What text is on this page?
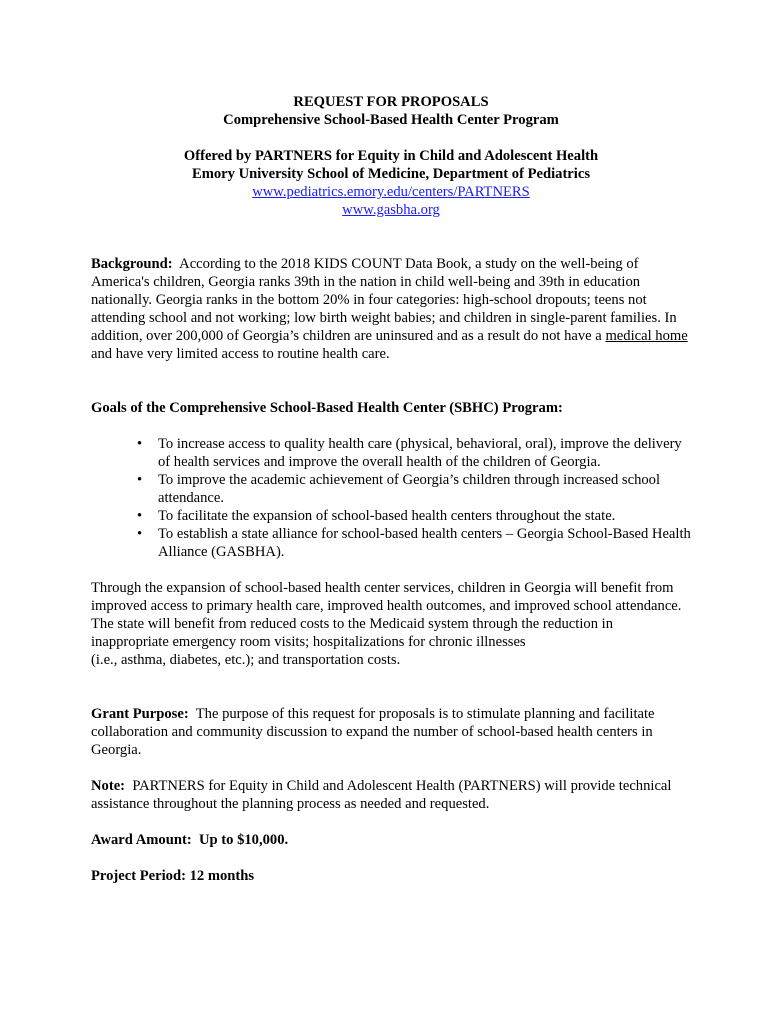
REQUEST FOR PROPOSALS

Comprehensive School-Based Health Center Program

Offered by PARTNERS for Equity in Child and Adolescent Health

Emory University School of Medicine, Department of Pediatrics

www.pediatrics.emory.edu/centers/PARTNERS

www.gasbha.org

Background: According to the 2018 KIDS COUNT Data Book, a study on the well-being of America's children, Georgia ranks 39th in the nation in child well-being and 39th in education nationally. Georgia ranks in the bottom 20% in four categories: high-school dropouts; teens not attending school and not working; low birth weight babies; and children in single-parent families. In addition, over 200,000 of Georgia’s children are uninsured and as a result do not have a medical home and have very limited access to routine health care.

Goals of the Comprehensive School-Based Health Center (SBHC) Program:

• To increase access to quality health care (physical, behavioral, oral), improve the delivery of health services and improve the overall health of the children of Georgia.
• To improve the academic achievement of Georgia’s children through increased school attendance.
• To facilitate the expansion of school-based health centers throughout the state.
• To establish a state alliance for school-based health centers – Georgia School-Based Health Alliance (GASBHA).

Through the expansion of school-based health center services, children in Georgia will benefit from improved access to primary health care, improved health outcomes, and improved school attendance. The state will benefit from reduced costs to the Medicaid system through the reduction in inappropriate emergency room visits; hospitalizations for chronic illnesses
(i.e., asthma, diabetes, etc.); and transportation costs.

Grant Purpose: The purpose of this request for proposals is to stimulate planning and facilitate collaboration and community discussion to expand the number of school-based health centers in Georgia.

Note: PARTNERS for Equity in Child and Adolescent Health (PARTNERS) will provide technical assistance throughout the planning process as needed and requested.

Award Amount:  Up to $10,000.

Project Period: 12 months
